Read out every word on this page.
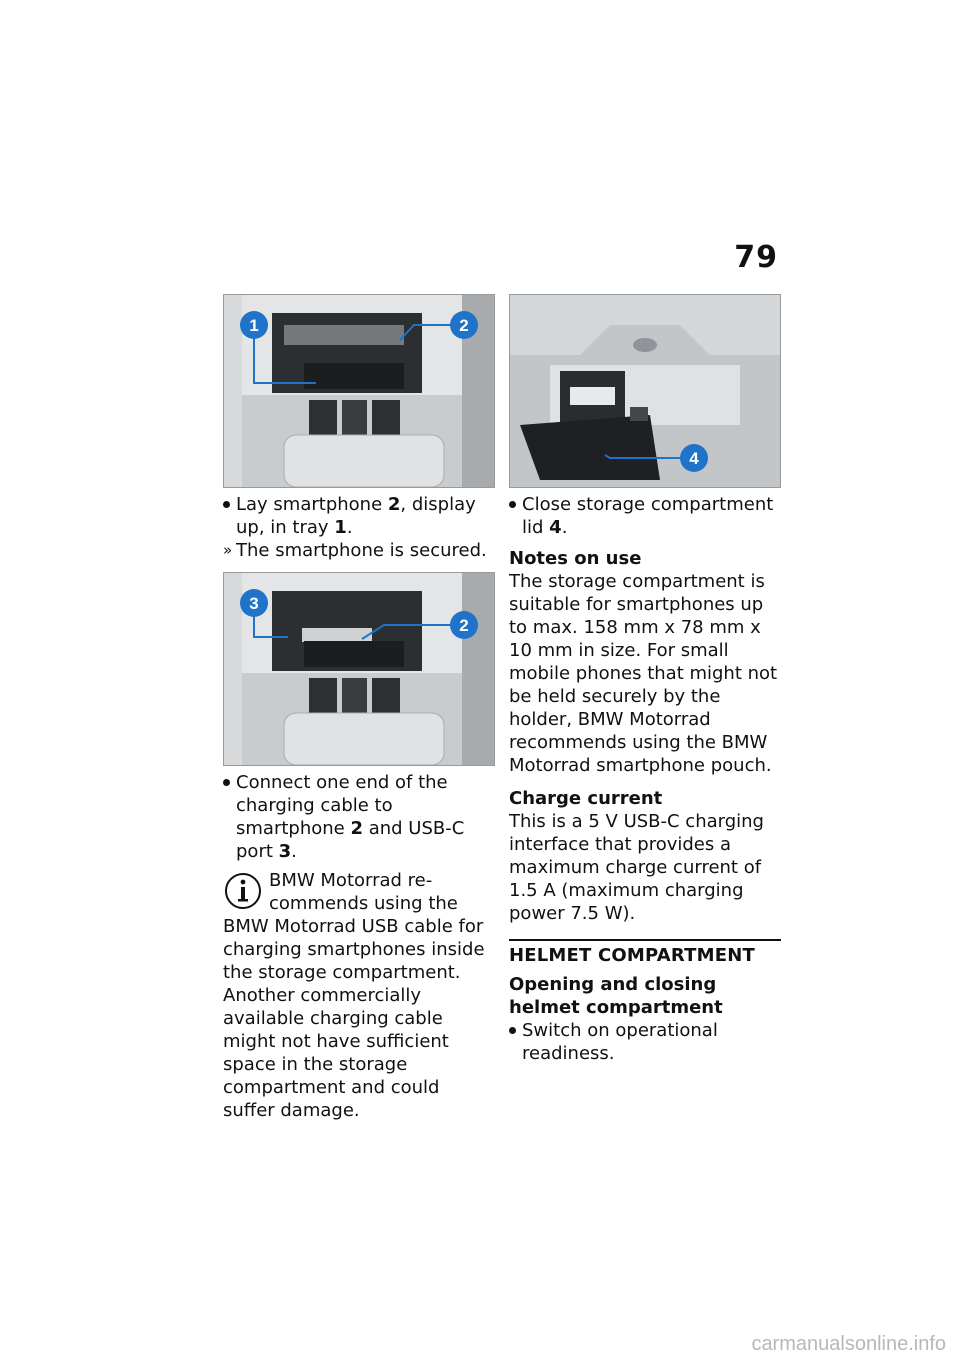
79
1	2
Lay smartphone 2, display up, in tray 1.
» The smartphone is secured.
3
2
Connect one end of the charging cable to smartphone 2 and USB-C port 3.
BMW Motorrad re-
commends using the
BMW Motorrad USB cable for charging smartphones inside the storage compartment. Another commercially available charging cable might not have sufficient space in the storage compartment and could suffer damage.
4
Close storage compartment lid 4.
Notes on use
The storage compartment is suitable for smartphones up to max. 158 mm x 78 mm x 10 mm in size. For small mobile phones that might not be held securely by the holder, BMW Motorrad recommends using the BMW Motorrad smartphone pouch.
Charge current
This is a 5 V USB-C charging interface that provides a maximum charge current of 1.5 A (maximum charging power 7.5 W).
HELMET COMPARTMENT
Opening and closing helmet compartment
Switch on operational readiness.
carmanualsonline.info
